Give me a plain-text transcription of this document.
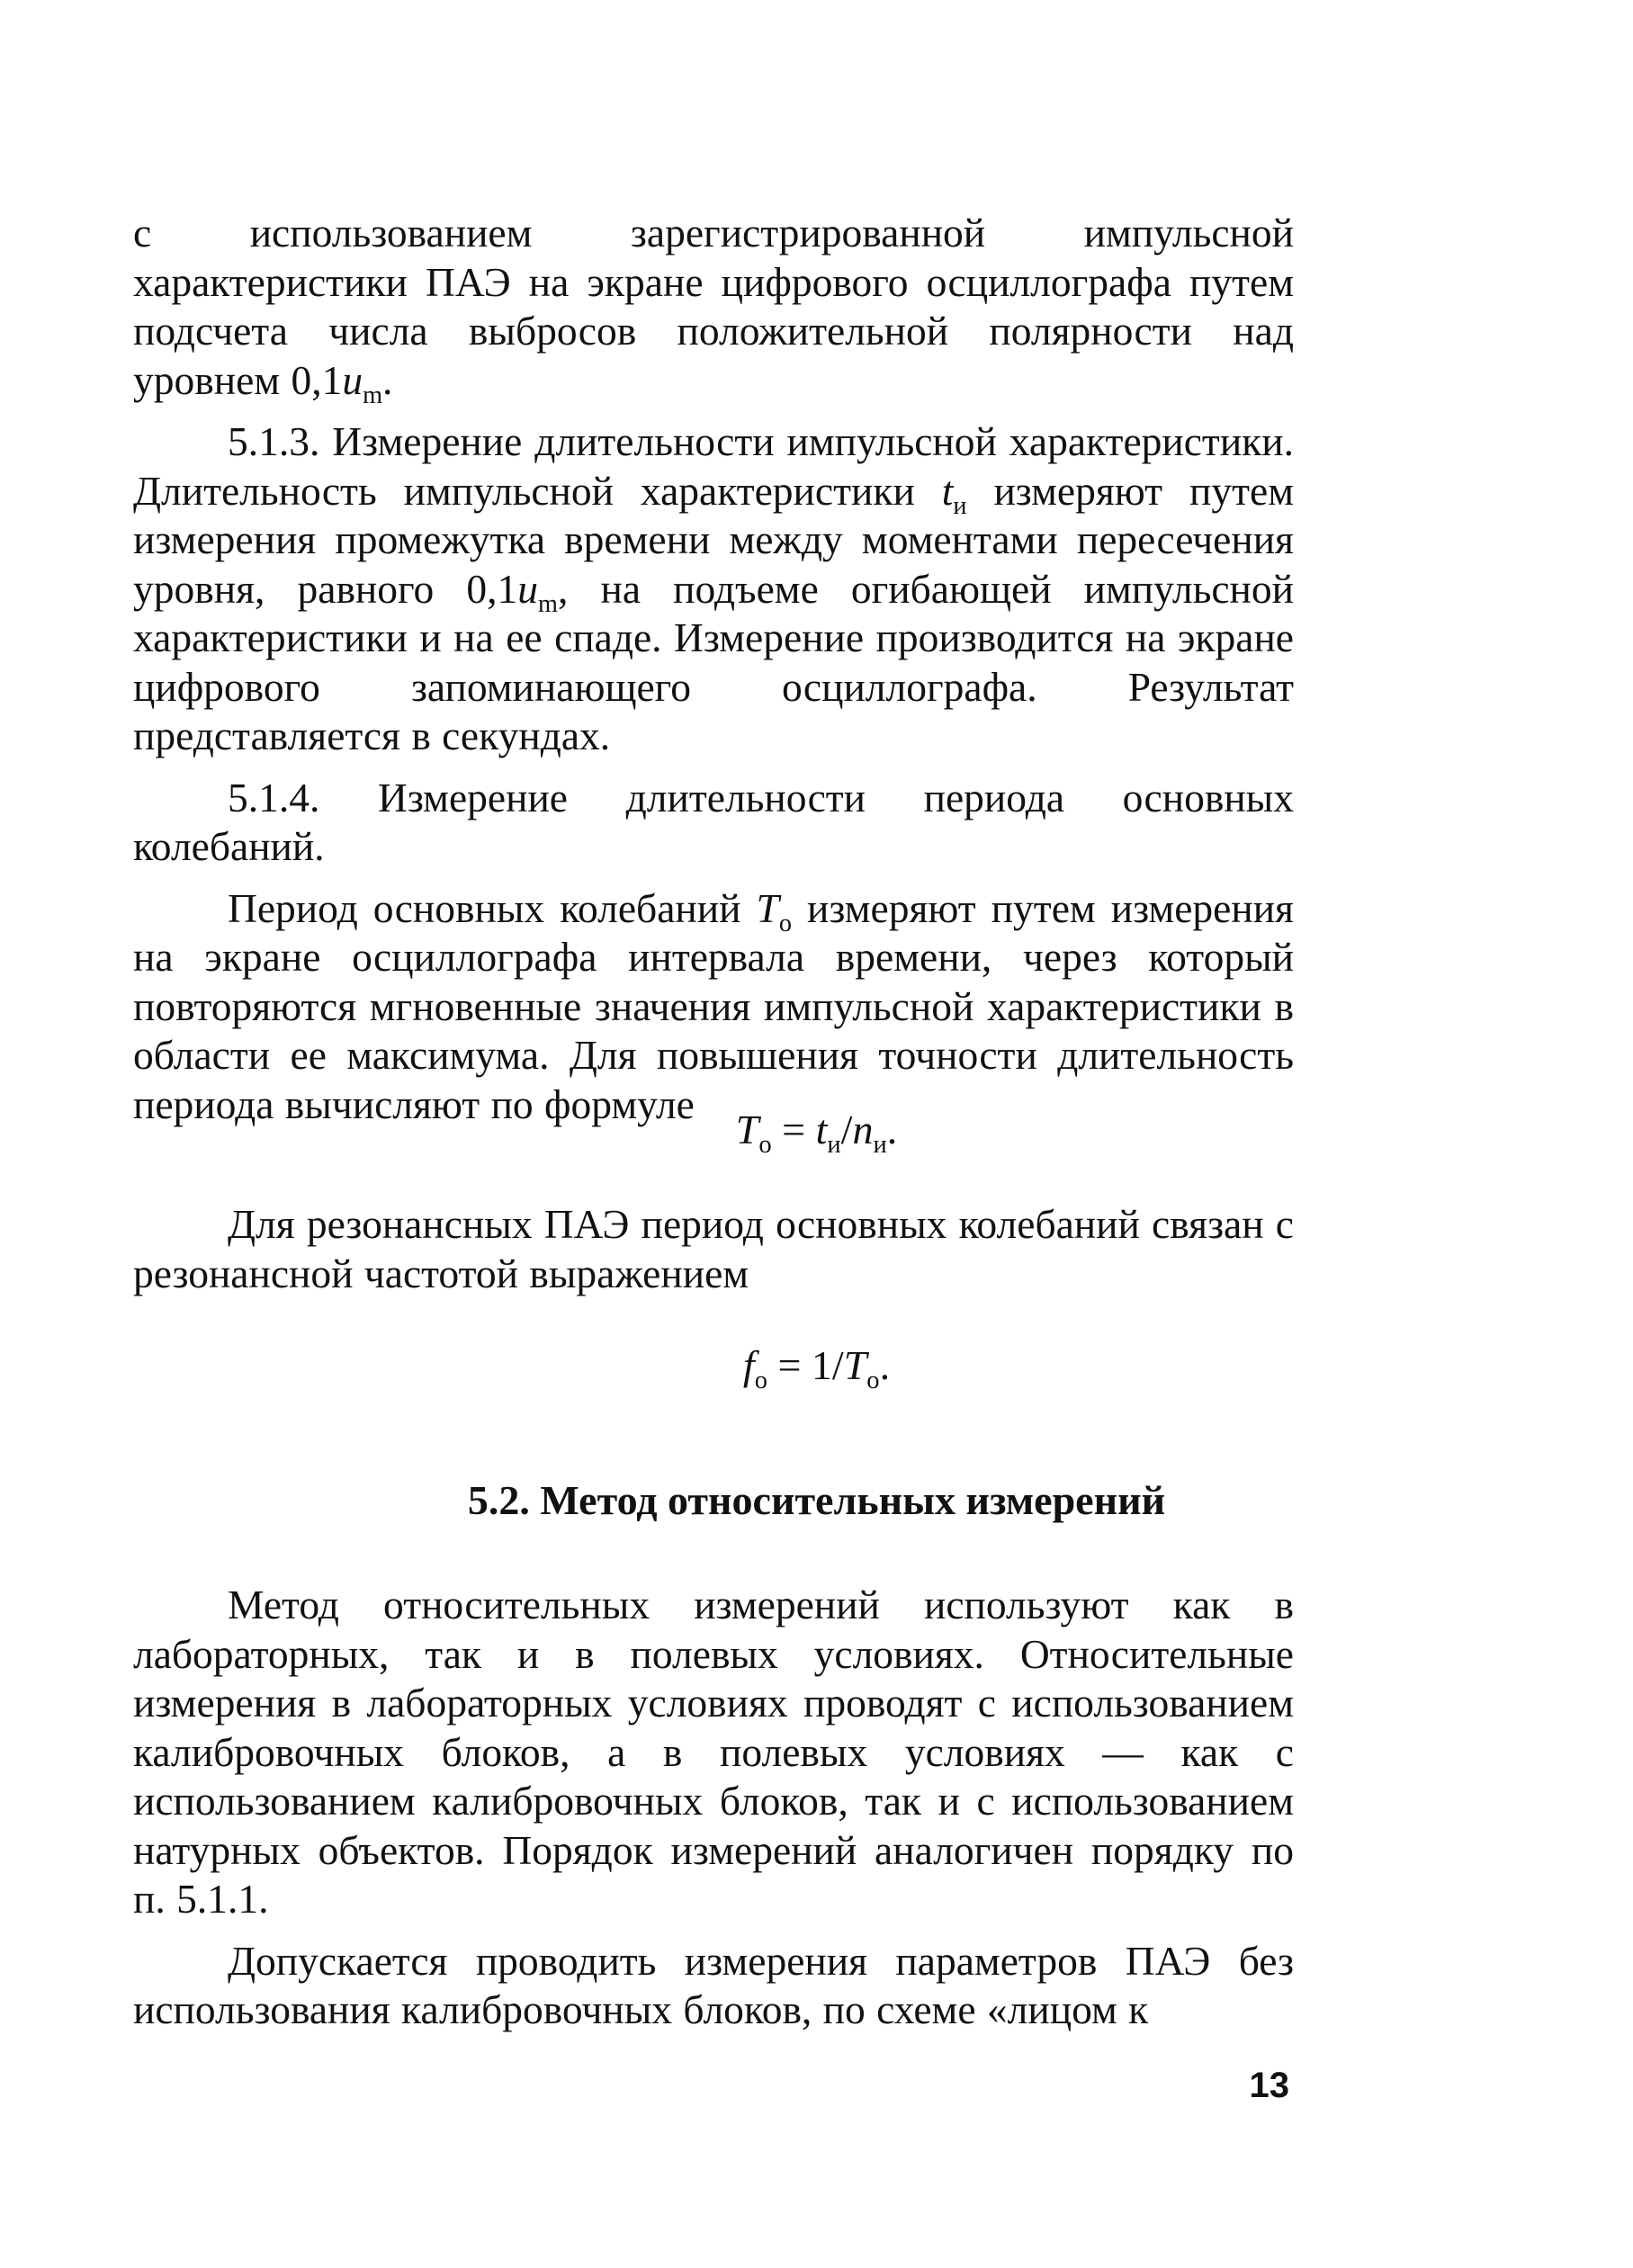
с использованием зарегистрированной импульсной характеристики ПАЭ на экране цифрового осциллографа путем подсчета числа выбросов положительной полярности над уровнем $0,1u_m$.

5.1.3. Измерение длительности импульсной характеристики. Длительность импульсной характеристики $t_и$ измеряют путем измерения промежутка времени между моментами пересечения уровня, равного $0,1u_m$, на подъеме огибающей импульсной характеристики и на ее спаде. Измерение производится на экране цифрового запоминающего осциллографа. Результат представляется в секундах.

5.1.4. Измерение длительности периода основных колебаний.

Период основных колебаний $T_о$ измеряют путем измерения на экране осциллографа интервала времени, через который повторяются мгновенные значения импульсной характеристики в области ее максимума. Для повышения точности длительность периода вычисляют по формуле

$T_о = t_и/n_и$.

Для резонансных ПАЭ период основных колебаний связан с резонансной частотой выражением

$f_о = 1/T_о$.
5.2. Метод относительных измерений

Метод относительных измерений используют как в лабораторных, так и в полевых условиях. Относительные измерения в лабораторных условиях проводят с использованием калибровочных блоков, а в полевых условиях — как с использованием калибровочных блоков, так и с использованием натурных объектов. Порядок измерений аналогичен порядку по п. 5.1.1.

Допускается проводить измерения параметров ПАЭ без использования калибровочных блоков, по схеме «лицом к

13
